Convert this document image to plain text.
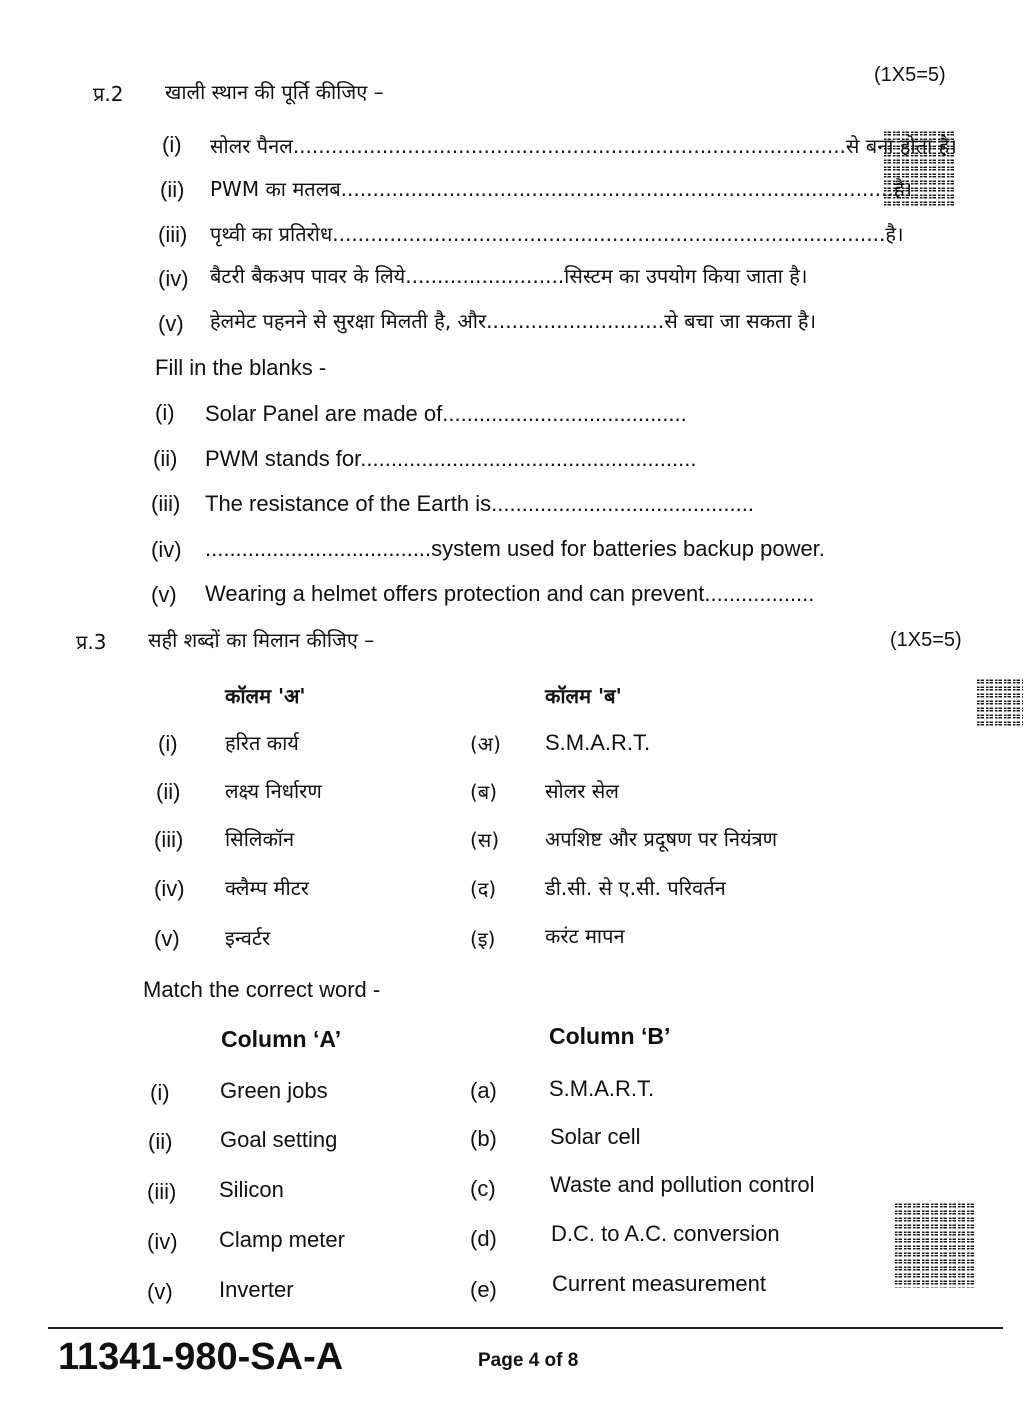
प्र.2 खाली स्थान की पूर्ति कीजिए –
(1X5=5)
(i) सोलर पैनल.......................................................................................से बना होता है।
(ii) PWM का मतलब.......................................................................................है।
(iii) पृथ्वी का प्रतिरोध.......................................................................................है।
(iv) बैटरी बैकअप पावर के लिये.........................सिस्टम का उपयोग किया जाता है।
(v) हेलमेट पहनने से सुरक्षा मिलती है, और............................से बचा जा सकता है।
Fill in the blanks -
(i) Solar Panel are made of........................................
(ii) PWM stands for.......................................................
(iii) The resistance of the Earth is...........................................
(iv) .....................................system used for batteries backup power.
(v) Wearing a helmet offers protection and can prevent..................
प्र.3 सही शब्दों का मिलान कीजिए –	(1X5=5)
कॉलम 'अ'	कॉलम 'ब'
(i) हरित कार्य	(अ) S.M.A.R.T.
(ii) लक्ष्य निर्धारण	(ब) सोलर सेल
(iii) सिलिकॉन	(स) अपशिष्ट और प्रदूषण पर नियंत्रण
(iv) क्लैम्प मीटर	(द) डी.सी. से ए.सी. परिवर्तन
(v) इन्वर्टर	(इ) करंट मापन
Match the correct word -
Column ‘A’	Column ‘B’
(i) Green jobs	(a) S.M.A.R.T.
(ii) Goal setting	(b) Solar cell
(iii) Silicon	(c) Waste and pollution control
(iv) Clamp meter	(d) D.C. to A.C. conversion
(v) Inverter	(e)	Current measurement
11341-980-SA-A	Page 4 of 8
